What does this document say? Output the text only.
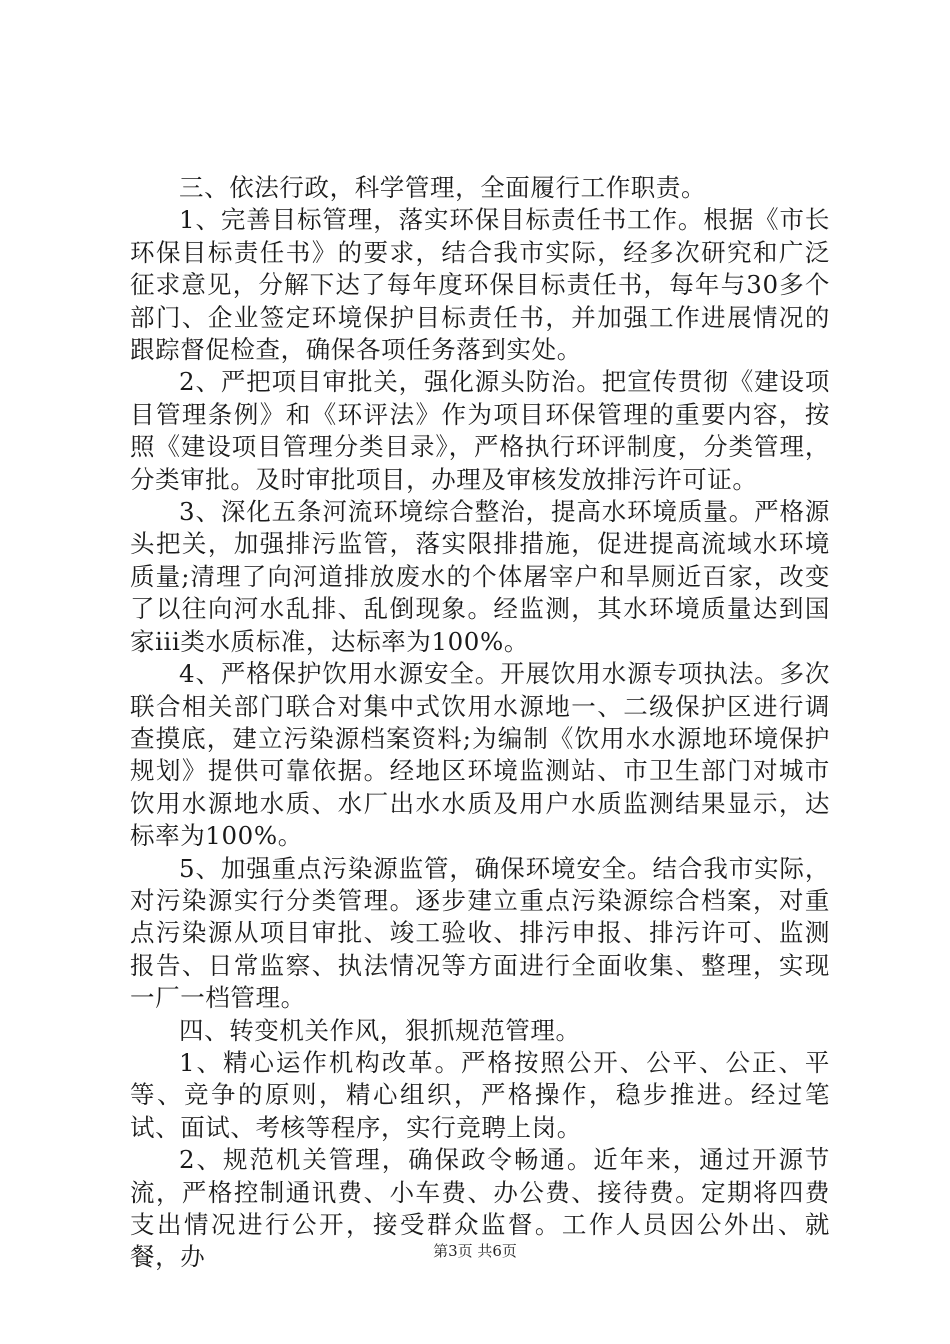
三、依法行政，科学管理，全面履行工作职责。

1、完善目标管理，落实环保目标责任书工作。根据《市长环保目标责任书》的要求，结合我市实际，经多次研究和广泛征求意见，分解下达了每年度环保目标责任书，每年与30多个部门、企业签定环境保护目标责任书，并加强工作进展情况的跟踪督促检查，确保各项任务落到实处。

2、严把项目审批关，强化源头防治。把宣传贯彻《建设项目管理条例》和《环评法》作为项目环保管理的重要内容，按照《建设项目管理分类目录》，严格执行环评制度，分类管理，分类审批。及时审批项目，办理及审核发放排污许可证。

3、深化五条河流环境综合整治，提高水环境质量。严格源头把关，加强排污监管，落实限排措施，促进提高流域水环境质量;清理了向河道排放废水的个体屠宰户和旱厕近百家，改变了以往向河水乱排、乱倒现象。经监测，其水环境质量达到国家iii类水质标准，达标率为100%。

4、严格保护饮用水源安全。开展饮用水源专项执法。多次联合相关部门联合对集中式饮用水源地一、二级保护区进行调查摸底，建立污染源档案资料;为编制《饮用水水源地环境保护规划》提供可靠依据。经地区环境监测站、市卫生部门对城市饮用水源地水质、水厂出水水质及用户水质监测结果显示，达标率为100%。

5、加强重点污染源监管，确保环境安全。结合我市实际，对污染源实行分类管理。逐步建立重点污染源综合档案，对重点污染源从项目审批、竣工验收、排污申报、排污许可、监测报告、日常监察、执法情况等方面进行全面收集、整理，实现一厂一档管理。

四、转变机关作风，狠抓规范管理。

1、精心运作机构改革。严格按照公开、公平、公正、平等、竞争的原则，精心组织，严格操作，稳步推进。经过笔试、面试、考核等程序，实行竞聘上岗。

2、规范机关管理，确保政令畅通。近年来，通过开源节流，严格控制通讯费、小车费、办公费、接待费。定期将四费支出情况进行公开，接受群众监督。工作人员因公外出、就餐，办	第3页 共6页
